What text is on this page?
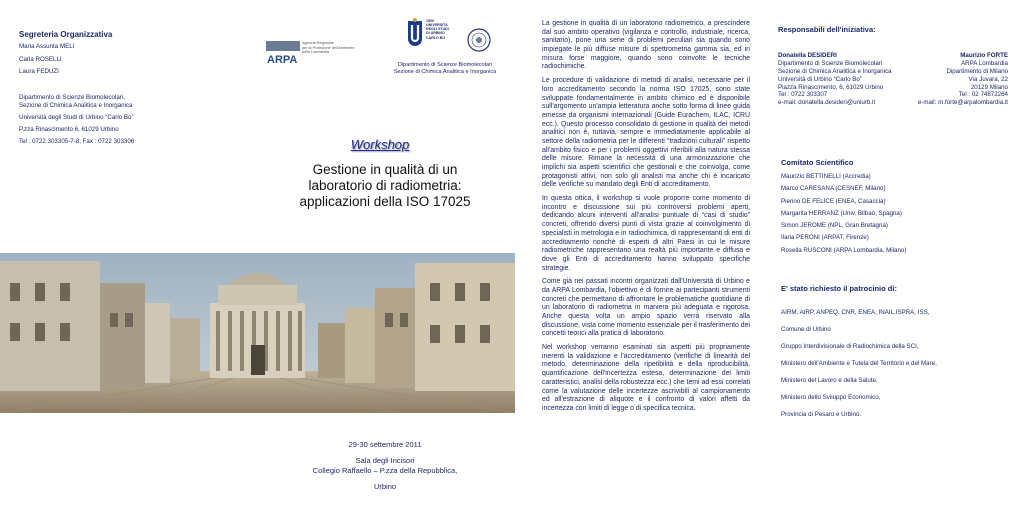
Segreteria Organizzativa
Maria Assunta MELI
Carla ROSELLI
Laura FEDUZI
Dipartimento di Scienze Biomolecolari,
Sezione di Chimica Analitica e Inorganica
Università degli Studi di Urbino “Carlo Bo”
P.zza Rinascimento 6, 61029 Urbino
Tel : 0722 303305-7-8; Fax : 0722 303306
ARPA
Agenzia Regionale
per la Protezione dell'Ambiente
della Lombardia
1506
UNIVERSITÀ
DEGLI STUDI
DI URBINO
CARLO BO
Dipartimento di Scienze Biomolecolari
Sezione di Chimica Analitica e Inorganica
Workshop
Gestione in qualità di un
laboratorio di radiometria:
applicazioni della ISO 17025
29-30 settembre 2011
Sala degli Incisori
Collegio Raffaello – P.zza della Repubblica,
Urbino

La gestione in qualità di un laboratorio radiometrico, a prescindere dal suo ambito operativo (vigilanza e controllo, industriale, ricerca, sanitario), pone una serie di problemi peculiari sia quando sono impiegate le più diffuse misure di spettrometria gamma sia, ed in misura forse maggiore, quando sono coinvolte le tecniche radiochimiche.

Le procedure di validazione di metodi di analisi, necessarie per il loro accreditamento secondo la norma ISO 17025, sono state sviluppate fondamentalmente in ambito chimico ed è disponibile sull'argomento un'ampia letteratura anche sotto forma di linee guida emesse da organismi internazionali (Guide Eurachem, ILAC, ICRU ecc.). Questo processo consolidato di gestione in qualità dei metodi analitici non è, tuttavia, sempre e immediatamente applicabile al settore della radiometria per le differenti “tradizioni culturali” rispetto all'ambito fisico e per i problemi oggettivi riferibili alla natura stessa delle misure. Rimane la necessità di una armonizzazione che implichi sia aspetti scientifici che gestionali e che coinvolga, come protagonisti attivi, non solo gli analisti ma anche chi è incaricato delle verifiche su mandato degli Enti di accreditamento.

In questa ottica, il workshop si vuole proporre come momento di incontro e discussione sui più controversi problemi aperti, dedicando alcuni interventi all'analisi puntuale di “casi di studio” concreti, offrendo diversi punti di vista grazie al coinvolgimento di specialisti in metrologia e in radiochimica, di rappresentanti di enti di accreditamento nonchè di esperti di altri Paesi in cui le misure radiometriche rappresentano una realtà più importante e diffusa e dove gli Enti di accreditamento hanno sviluppato specifiche strategie.

Come già nei passati incontri organizzati dall'Università di Urbino e da ARPA Lombardia, l'obiettivo è di fornire ai partecipanti strumenti concreti che permettano di affrontare le problematiche quotidiane di un laboratorio di radiometria in maniera più adeguata e rigorosa. Anche questa volta un ampio spazio verrà riservato alla discussione, vista come momento essenziale per il trasferimento dei concetti teorici alla pratica di laboratorio.

Nel workshop verranno esaminati sia aspetti più propriamente inerenti la validazione e l'accreditamento (verifiche di linearità del metodo, determinazione della ripetibilità e della riproducibilità, quantificazione dell'incertezza estesa, determinazione dei limiti caratteristici, analisi della robustezza ecc.) che temi ad essi correlati come la valutazione delle incertezze ascrivibili al campionamento ed all'estrazione di aliquote e il confronto di valori affetti da incertezza con limiti di legge o di specifica tecnica.

Responsabili dell'iniziativa:
Donatella DESIDERI	Maurizio FORTE
Dipartimento di Scienze Biomolecolari	ARPA Lombardia
Sezione di Chimica Analitica e Inorganica	Dipartimento di Milano
Università di Urbino “Carlo Bo”	Via Juvara, 22
Piazza Rinascimento, 6, 61029 Urbino	20129 Milano
Tel : 0722 303307	Tel : 02 74872264
e-mail: donatella.desideri@uniurb.it	e-mail: m.forte@arpalombardia.it
Comitato Scientifico
Maurizio BETTINELLI (Accredia)
Marco CARESANA (CESNEF, Milano)
Pierino DE FELICE (ENEA, Casaccia)
Margarita HERRANZ (Univ. Bilbao, Spagna)
Simon JEROME (NPL, Gran Bretagna)
Ilaria PERONI (ARPAT, Firenze)
Rosella RUSCONI (ARPA Lombardia, Milano)
E' stato richiesto il patrocinio di:
AIRM, AIRP, ANPEQ, CNR, ENEA, INAIL,ISPRA, ISS,
Comune di Urbino
Gruppo Interdivisionale di Radiochimica della SCI,
Ministero dell'Ambiente e Tutela del Territorio e del Mare,
Ministero del Lavoro e della Salute,
Ministero dello Sviluppo Economico,
Provincia di Pesaro e Urbino.
